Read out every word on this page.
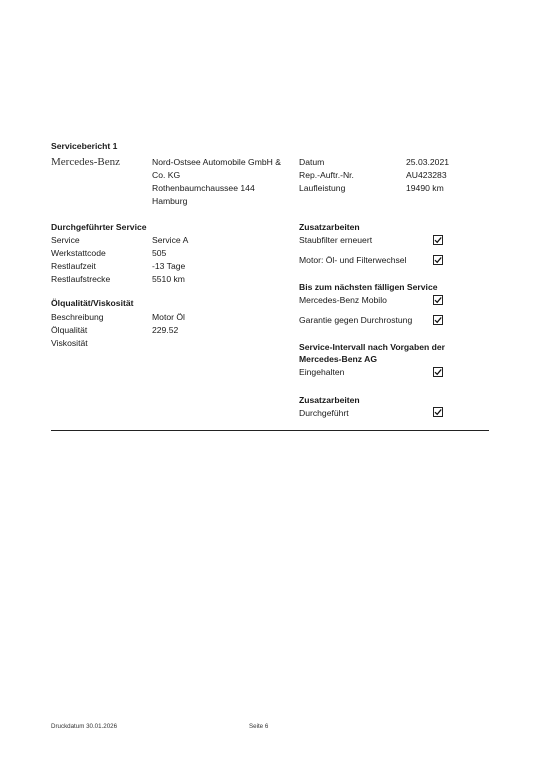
Servicebericht 1
Mercedes-Benz	Nord-Ostsee Automobile GmbH &
Co. KG
Rothenbaumchaussee 144
Hamburg
Datum	25.03.2021
Rep.-Auftr.-Nr.	AU423283
Laufleistung	19490 km
Durchgeführter Service
Service	Service A
Werkstattcode	505
Restlaufzeit	-13 Tage
Restlaufstrecke	5510 km
Ölqualität/Viskosität
Beschreibung	Motor Öl
Ölqualität	229.52
Viskosität
Zusatzarbeiten
Staubfilter erneuert
Motor: Öl- und Filterwechsel
Bis zum nächsten fälligen Service
Mercedes-Benz Mobilo
Garantie gegen Durchrostung
Service-Intervall nach Vorgaben der
Mercedes-Benz AG
Eingehalten
Zusatzarbeiten
Durchgeführt
Druckdatum 30.01.2026	Seite 6
